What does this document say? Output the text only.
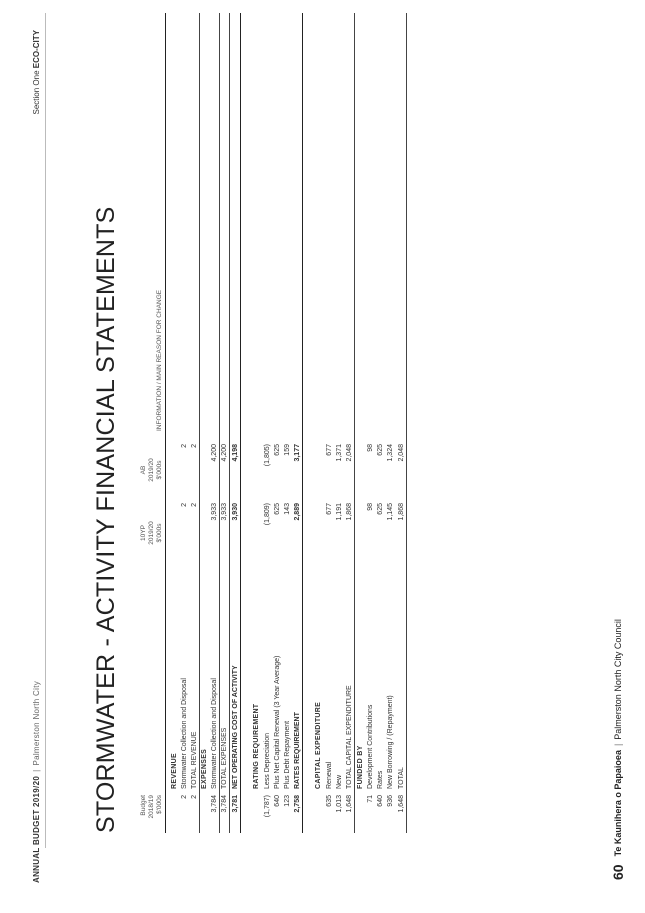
ANNUAL BUDGET 2019/20|Palmerston North City
Section One ECO-CITY
STORMWATER - ACTIVITY FINANCIAL STATEMENTS	Budget 2018/19 $'000s
10YP 2019/20 $'000s
AB 2019/20 $'000s
INFORMATION / MAIN REASON FOR CHANGE
REVENUE
2
Stormwater Collection and Disposal
2
2
2
TOTAL REVENUE
2
2
EXPENSES
3,784
Stormwater Collection and Disposal
3,933
4,200
3,784
TOTAL EXPENSES
3,933
4,200
3,781
NET OPERATING COST OF ACTIVITY
3,930
4,198
RATING REQUIREMENT
(1,787)
Less Depreciation
(1,809)
(1,805)
640
Plus Net Capital Renewal (3 Year Average)
625
625
123
Plus Debt Repayment
143
159
2,758
RATES REQUIREMENT
2,889
3,177
CAPITAL EXPENDITURE
635
Renewal
677
677
1,013
New
1,191
1,371
1,648
TOTAL CAPITAL EXPENDITURE
1,868
2,048
FUNDED BY
71
Development Contributions
98
98
640
Rates
625
625
936
New Borrowing / (Repayment)
1,145
1,324
1,648
TOTAL
1,868
2,048
60Te Kaunihera o Papaioea|Palmerston North City Council
